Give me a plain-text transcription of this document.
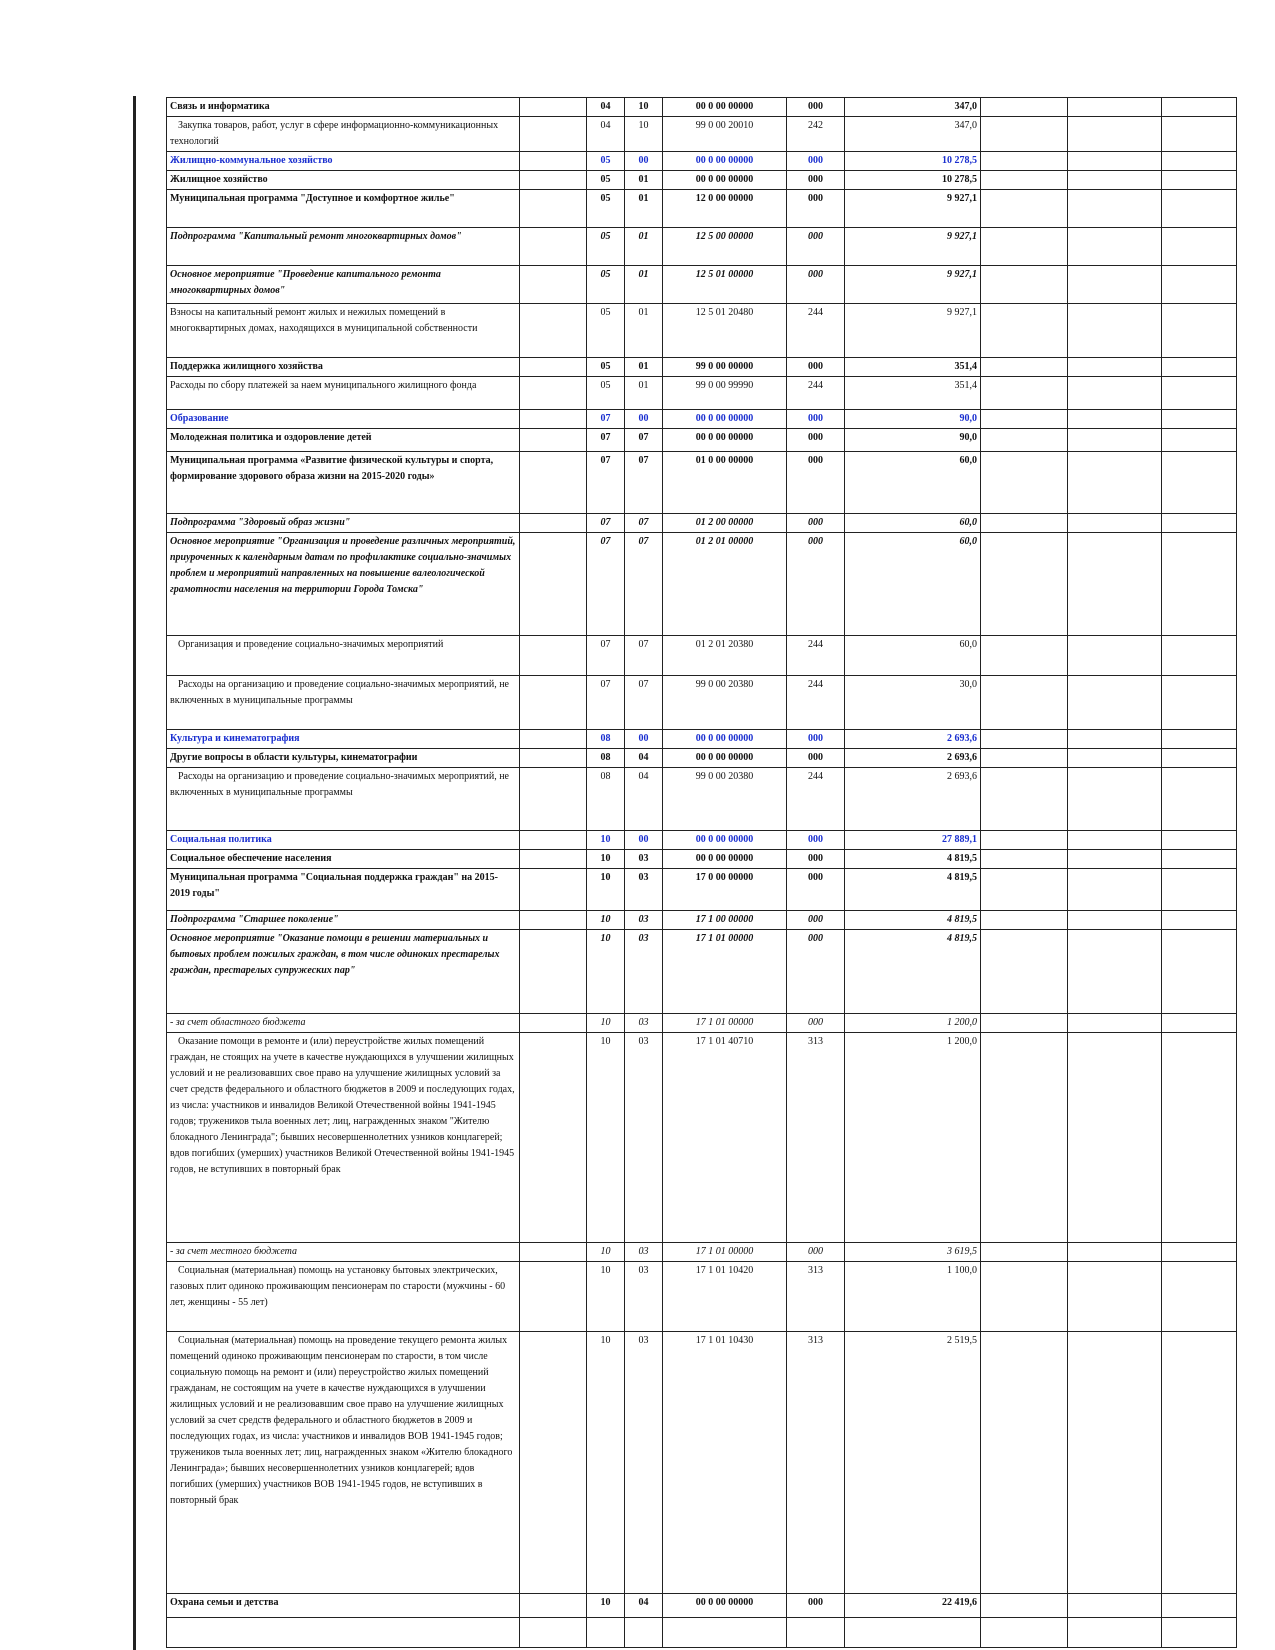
Связь и информатика		04	10	00 0 00 00000	000	347,0			
Закупка товаров, работ, услуг в сфере информационно-коммуникационных технологий		04	10	99 0 00 20010	242	347,0			
Жилищно-коммунальное хозяйство		05	00	00 0 00 00000	000	10 278,5			
Жилищное хозяйство		05	01	00 0 00 00000	000	10 278,5			
Муниципальная программа "Доступное и комфортное жилье"		05	01	12 0 00 00000	000	9 927,1			
Подпрограмма "Капитальный ремонт многоквартирных домов"		05	01	12 5 00 00000	000	9 927,1			
Основное мероприятие "Проведение капитального ремонта многоквартирных домов"		05	01	12 5 01 00000	000	9 927,1			
Взносы на капитальный ремонт жилых и нежилых помещений в многоквартирных домах, находящихся в муниципальной собственности		05	01	12 5 01 20480	244	9 927,1			
Поддержка жилищного хозяйства		05	01	99 0 00 00000	000	351,4			
Расходы по сбору платежей за наем муниципального жилищного фонда		05	01	99 0 00 99990	244	351,4			
Образование		07	00	00 0 00 00000	000	90,0			
Молодежная политика и оздоровление детей		07	07	00 0 00 00000	000	90,0			
Муниципальная программа «Развитие физической культуры и спорта, формирование здорового образа жизни на 2015-2020 годы»		07	07	01 0 00 00000	000	60,0			
Подпрограмма "Здоровый образ жизни"		07	07	01 2 00 00000	000	60,0			
Основное мероприятие "Организация и проведение различных мероприятий, приуроченных к календарным датам по профилактике социально-значимых проблем и мероприятий направленных на повышение валеологической грамотности населения на территории Города Томска"		07	07	01 2 01 00000	000	60,0			
Организация и проведение социально-значимых мероприятий		07	07	01 2 01 20380	244	60,0			
Расходы на организацию и проведение социально-значимых мероприятий, не включенных в муниципальные программы		07	07	99 0 00 20380	244	30,0			
Культура и кинематография		08	00	00 0 00 00000	000	2 693,6			
Другие вопросы в области культуры, кинематографии		08	04	00 0 00 00000	000	2 693,6			
Расходы на организацию и проведение социально-значимых мероприятий, не включенных в муниципальные программы		08	04	99 0 00 20380	244	2 693,6			
Социальная политика		10	00	00 0 00 00000	000	27 889,1			
Социальное обеспечение населения		10	03	00 0 00 00000	000	4 819,5			
Муниципальная программа "Социальная поддержка граждан" на 2015-2019 годы"		10	03	17 0 00 00000	000	4 819,5			
Подпрограмма "Старшее поколение"		10	03	17 1 00 00000	000	4 819,5			
Основное мероприятие "Оказание помощи в решении материальных и бытовых проблем пожилых граждан, в том числе одиноких престарелых граждан, престарелых супружеских пар"		10	03	17 1 01 00000	000	4 819,5			
- за счет областного бюджета		10	03	17 1 01 00000	000	1 200,0			
Оказание помощи в ремонте и (или) переустройстве жилых помещений граждан, не стоящих на учете в качестве нуждающихся в улучшении жилищных условий и не реализовавших свое право на улучшение жилищных условий за счет средств федерального и областного бюджетов в 2009 и последующих годах, из числа: участников и инвалидов Великой Отечественной войны 1941-1945 годов; тружеников тыла военных лет; лиц, награжденных знаком "Жителю блокадного Ленинграда"; бывших несовершеннолетних узников концлагерей; вдов погибших (умерших) участников Великой Отечественной войны 1941-1945 годов, не вступивших в повторный брак		10	03	17 1 01 40710	313	1 200,0			
- за счет местного бюджета		10	03	17 1 01 00000	000	3 619,5			
Социальная (материальная) помощь на установку бытовых электрических, газовых плит одиноко проживающим пенсионерам по старости (мужчины - 60 лет, женщины - 55 лет)		10	03	17 1 01 10420	313	1 100,0			
Социальная (материальная) помощь на проведение текущего ремонта жилых помещений одиноко проживающим пенсионерам по старости, в том числе социальную помощь на ремонт и (или) переустройство жилых помещений гражданам, не состоящим на учете в качестве нуждающихся в улучшении жилищных условий и не реализовавшим свое право на улучшение жилищных условий за счет средств федерального и областного бюджетов в 2009 и последующих годах, из числа: участников и инвалидов ВОВ 1941-1945 годов; тружеников тыла военных лет; лиц, награжденных знаком «Жителю блокадного Ленинграда»; бывших несовершеннолетних узников концлагерей; вдов погибших (умерших) участников ВОВ 1941-1945 годов, не вступивших в повторный брак		10	03	17 1 01 10430	313	2 519,5			
Охрана семьи и детства		10	04	00 0 00 00000	000	22 419,6			
